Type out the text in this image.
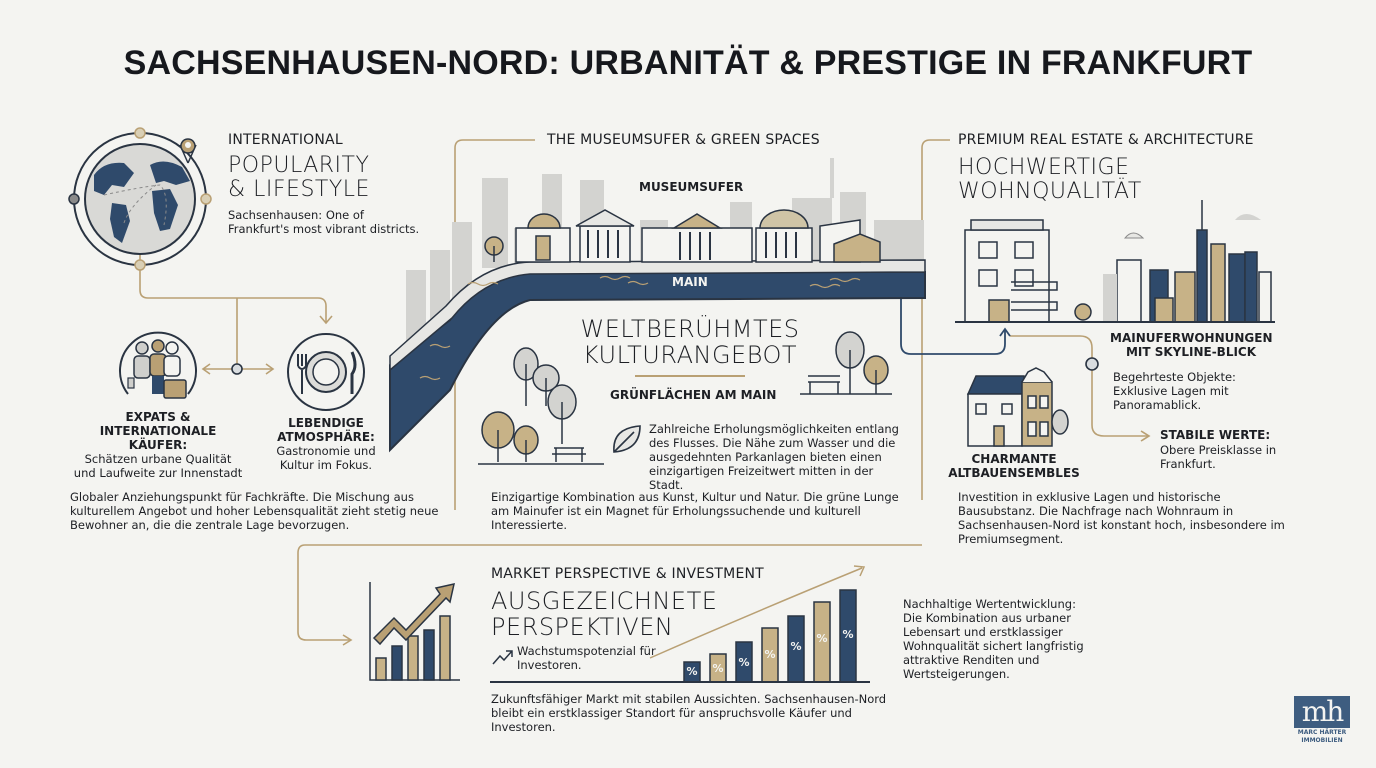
SACHSENHAUSEN-NORD: URBANITÄT & PRESTIGE IN FRANKFURT
INTERNATIONAL
POPULARITY
& LIFESTYLE
Sachsenhausen: One of Frankfurt's most vibrant districts.
EXPATS & INTERNATIONALE KÄUFER:
Schätzen urbane Qualität und Laufweite zur Innenstadt
LEBENDIGE ATMOSPHÄRE:
Gastronomie und Kultur im Fokus.
Globaler Anziehungspunkt für Fachkräfte. Die Mischung aus kulturellem Angebot und hoher Lebensqualität zieht stetig neue Bewohner an, die die zentrale Lage bevorzugen.
THE MUSEUMSUFER & GREEN SPACES
MUSEUMSUFER
MAIN
WELTBERÜHMTES
KULTURANGEBOT
GRÜNFLÄCHEN AM MAIN
Zahlreiche Erholungsmöglichkeiten entlang des Flusses. Die Nähe zum Wasser und die ausgedehnten Parkanlagen bieten einen einzigartigen Freizeitwert mitten in der Stadt.
Einzigartige Kombination aus Kunst, Kultur und Natur. Die grüne Lunge am Mainufer ist ein Magnet für Erholungssuchende und kulturell Interessierte.
PREMIUM REAL ESTATE & ARCHITECTURE
HOCHWERTIGE
WOHNQUALITÄT
MAINUFERWOHNUNGEN
MIT SKYLINE-BLICK
Begehrteste Objekte: Exklusive Lagen mit Panoramablick.
CHARMANTE
ALTBAUENSEMBLES
STABILE WERTE:
Obere Preisklasse in Frankfurt.
Investition in exklusive Lagen und historische Bausubstanz. Die Nachfrage nach Wohnraum in Sachsenhausen-Nord ist konstant hoch, insbesondere im Premiumsegment.
MARKET PERSPECTIVE & INVESTMENT
AUSGEZEICHNETE
PERSPEKTIVEN
Wachstumspotenzial für Investoren.	% % %
%
%
% %
Zukunftsfähiger Markt mit stabilen Aussichten. Sachsenhausen-Nord bleibt ein erstklassiger Standort für anspruchsvolle Käufer und Investoren.
Nachhaltige Wertentwicklung:
Die Kombination aus urbaner Lebensart und erstklassiger Wohnqualität sichert langfristig attraktive Renditen und Wertsteigerungen.
mh
MARC HÄRTER
IMMOBILIEN
